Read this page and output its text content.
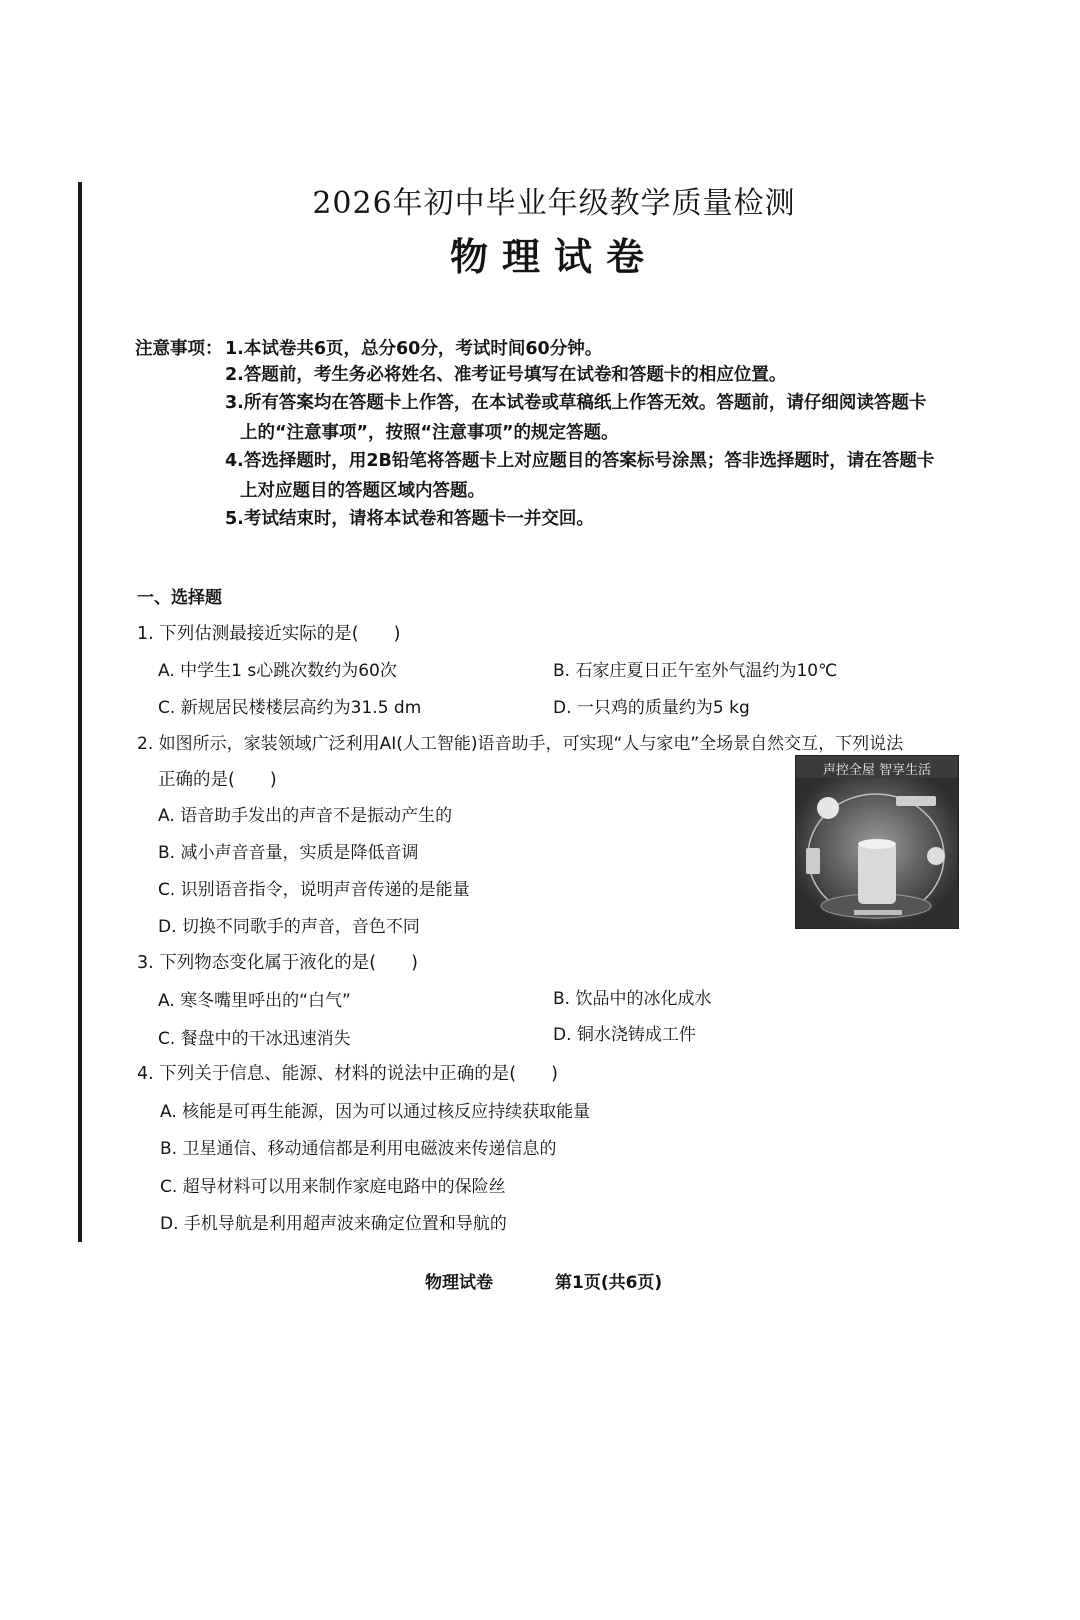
2026年初中毕业年级教学质量检测
物理试卷
注意事项： 1.本试卷共6页，总分60分，考试时间60分钟。
2.答题前，考生务必将姓名、准考证号填写在试卷和答题卡的相应位置。
3.所有答案均在答题卡上作答，在本试卷或草稿纸上作答无效。答题前，请仔细阅读答题卡
上的“注意事项”，按照“注意事项”的规定答题。
4.答选择题时，用2B铅笔将答题卡上对应题目的答案标号涂黑；答非选择题时，请在答题卡
上对应题目的答题区域内答题。
5.考试结束时，请将本试卷和答题卡一并交回。
一、选择题
1. 下列估测最接近实际的是(　　)
A. 中学生1 s心跳次数约为60次	B. 石家庄夏日正午室外气温约为10℃
C. 新规居民楼楼层高约为31.5 dm	D. 一只鸡的质量约为5 kg
2. 如图所示，家装领域广泛利用AI(人工智能)语音助手，可实现“人与家电”全场景自然交互，下列说法
正确的是(　　)
A. 语音助手发出的声音不是振动产生的
B. 减小声音音量，实质是降低音调
C. 识别语音指令，说明声音传递的是能量
D. 切换不同歌手的声音，音色不同
声控全屋 智享生活
3. 下列物态变化属于液化的是(　　)
A. 寒冬嘴里呼出的“白气”	B. 饮品中的冰化成水
C. 餐盘中的干冰迅速消失	D. 铜水浇铸成工件
4. 下列关于信息、能源、材料的说法中正确的是(　　)
A. 核能是可再生能源，因为可以通过核反应持续获取能量
B. 卫星通信、移动通信都是利用电磁波来传递信息的
C. 超导材料可以用来制作家庭电路中的保险丝
D. 手机导航是利用超声波来确定位置和导航的
物理试卷	第1页(共6页)
